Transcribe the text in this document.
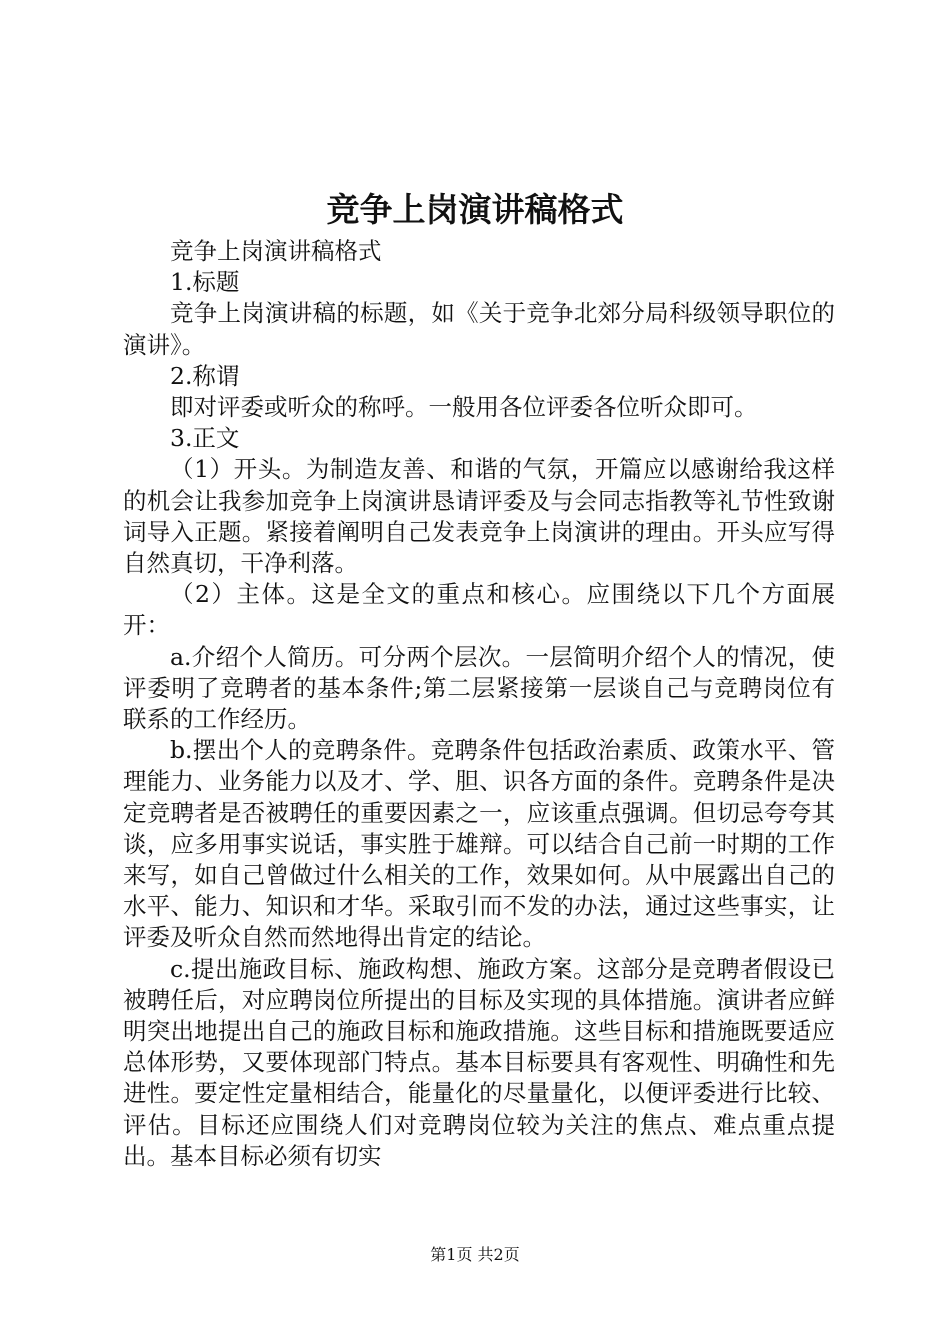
竞争上岗演讲稿格式

竞争上岗演讲稿格式

1.标题

竞争上岗演讲稿的标题，如《关于竞争北郊分局科级领导职位的演讲》。

2.称谓

即对评委或听众的称呼。一般用各位评委各位听众即可。

3.正文

（1）开头。为制造友善、和谐的气氛，开篇应以感谢给我这样的机会让我参加竞争上岗演讲恳请评委及与会同志指教等礼节性致谢词导入正题。紧接着阐明自己发表竞争上岗演讲的理由。开头应写得自然真切，干净利落。

（2）主体。这是全文的重点和核心。应围绕以下几个方面展开：

a.介绍个人简历。可分两个层次。一层简明介绍个人的情况，使评委明了竞聘者的基本条件;第二层紧接第一层谈自己与竞聘岗位有联系的工作经历。

b.摆出个人的竞聘条件。竞聘条件包括政治素质、政策水平、管理能力、业务能力以及才、学、胆、识各方面的条件。竞聘条件是决定竞聘者是否被聘任的重要因素之一，应该重点强调。但切忌夸夸其谈，应多用事实说话，事实胜于雄辩。可以结合自己前一时期的工作来写，如自己曾做过什么相关的工作，效果如何。从中展露出自己的水平、能力、知识和才华。采取引而不发的办法，通过这些事实，让评委及听众自然而然地得出肯定的结论。

c.提出施政目标、施政构想、施政方案。这部分是竞聘者假设已被聘任后，对应聘岗位所提出的目标及实现的具体措施。演讲者应鲜明突出地提出自己的施政目标和施政措施。这些目标和措施既要适应总体形势，又要体现部门特点。基本目标要具有客观性、明确性和先进性。要定性定量相结合，能量化的尽量量化，以便评委进行比较、评估。目标还应围绕人们对竞聘岗位较为关注的焦点、难点重点提出。基本目标必须有切实

第1页 共2页
